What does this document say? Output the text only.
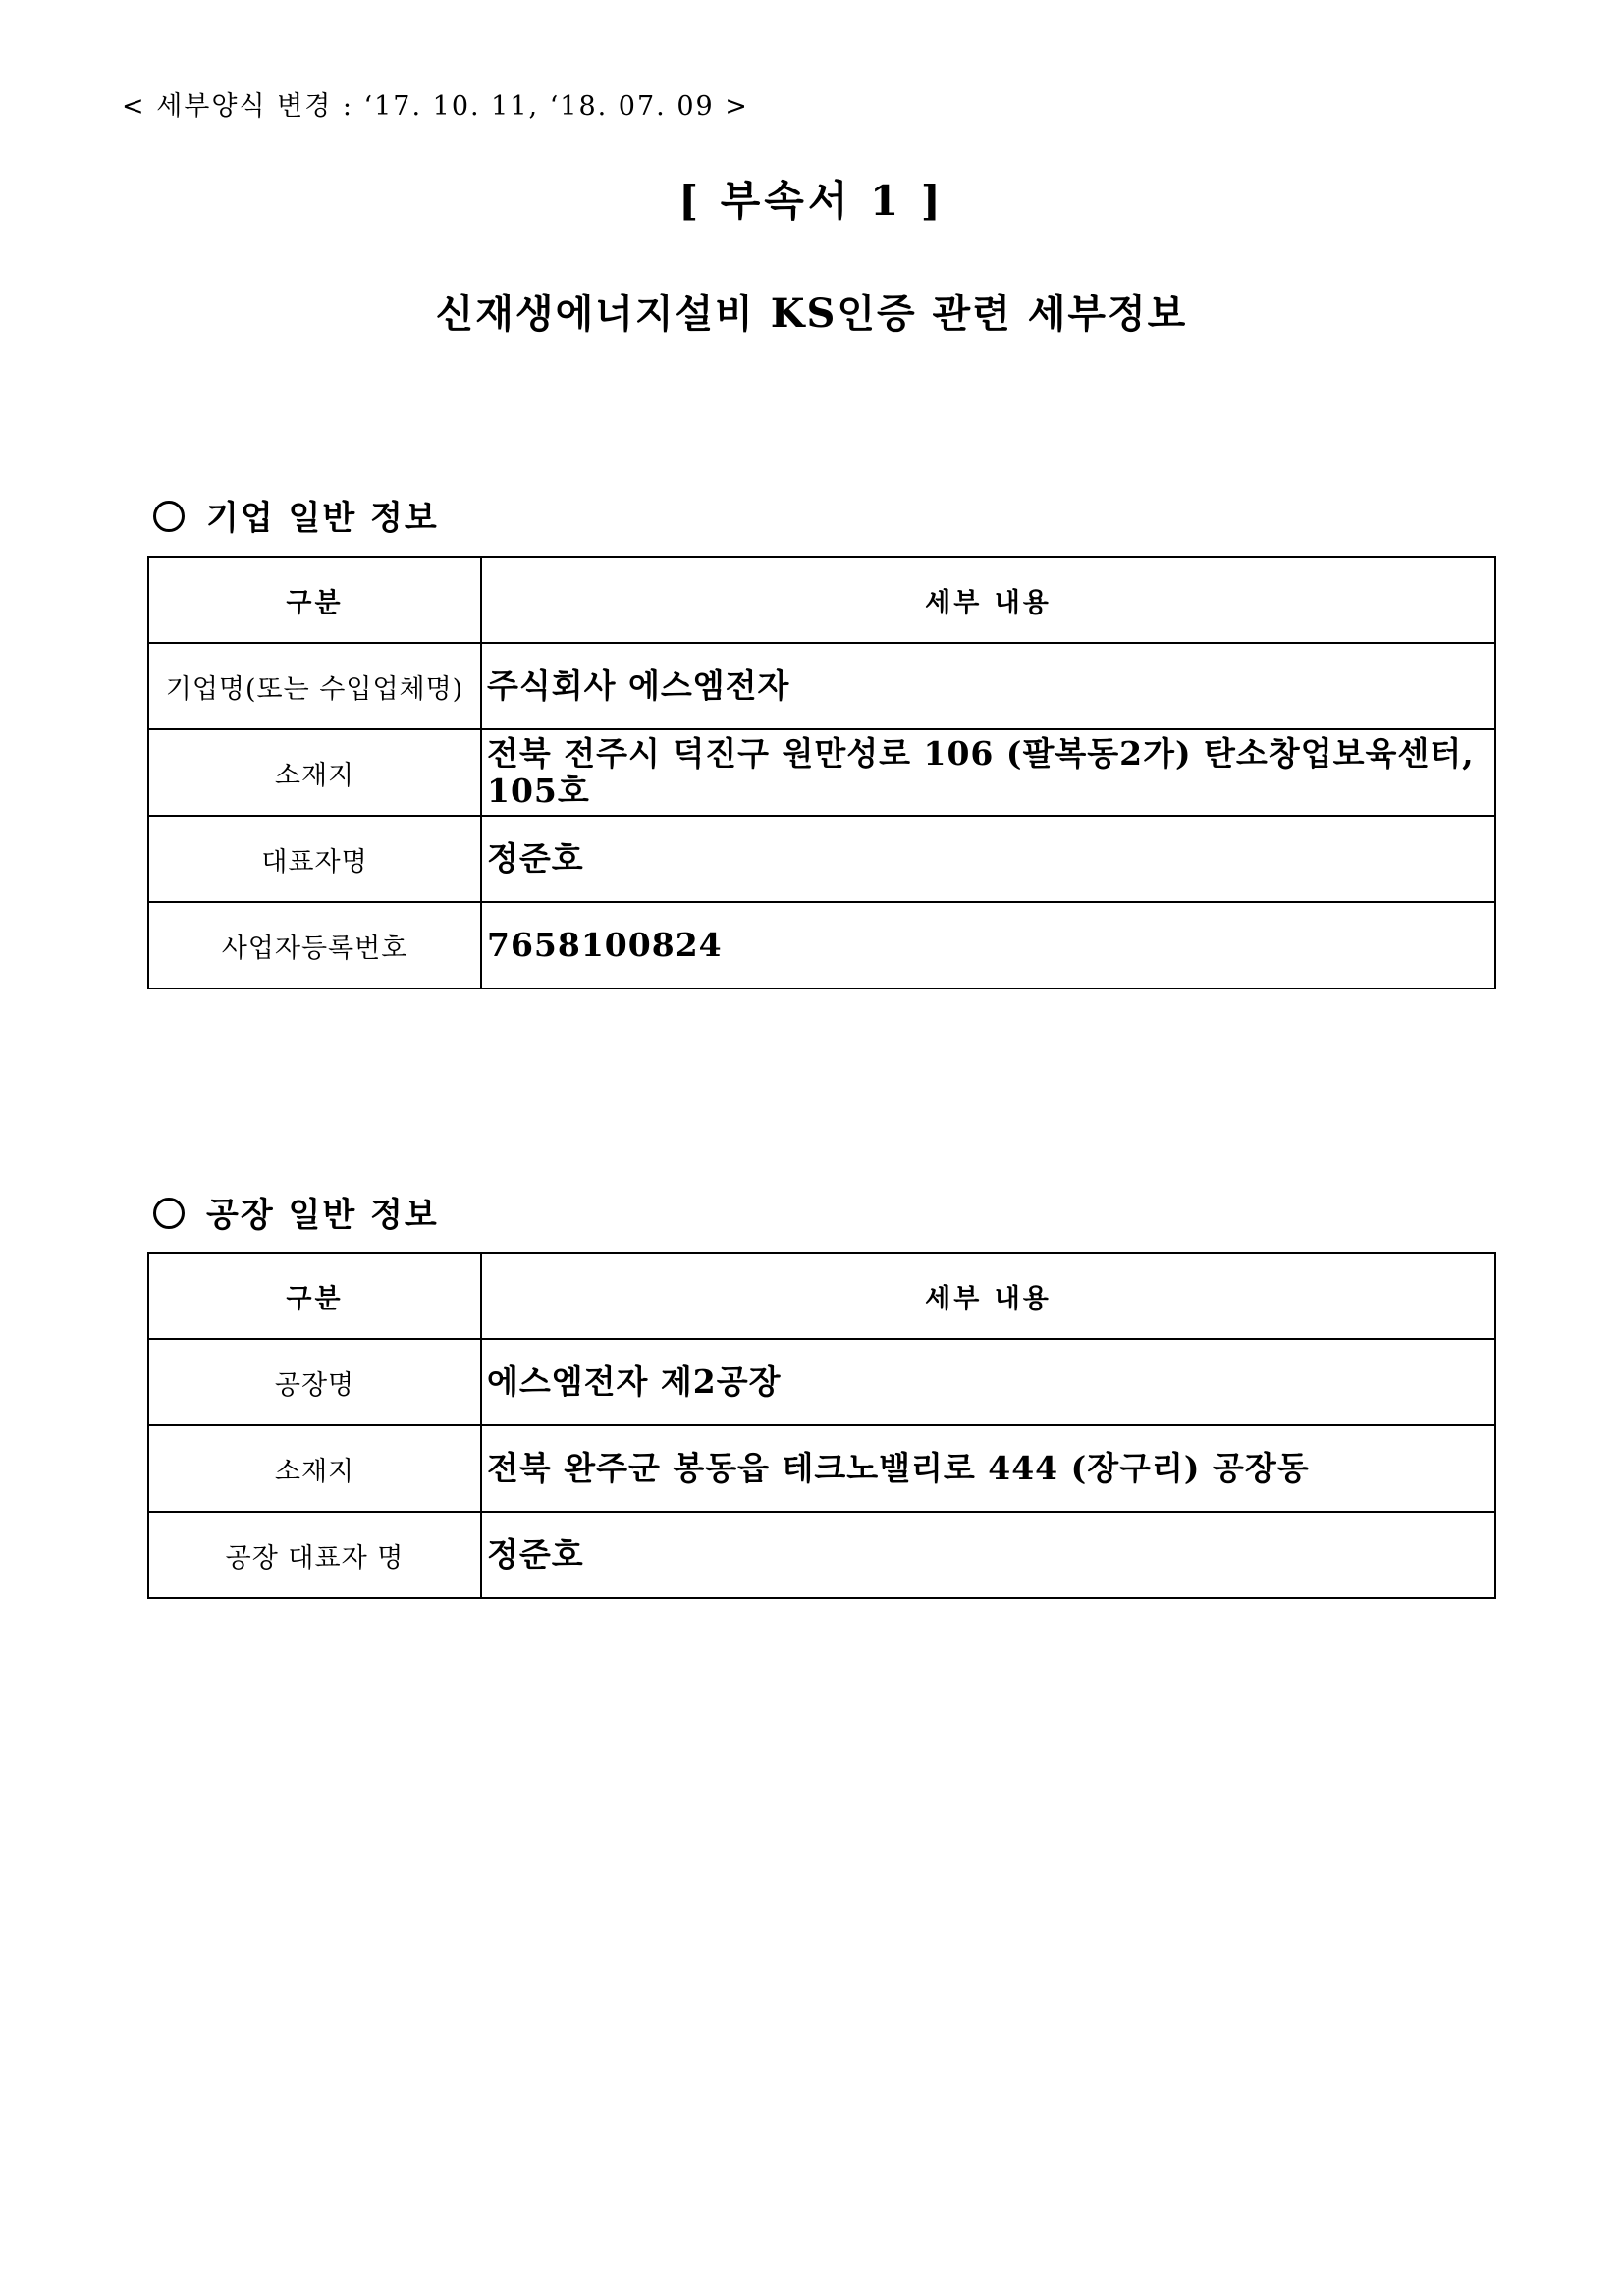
< 세부양식 변경 : ‘17. 10. 11, ‘18. 07. 09 >
[ 부속서 1 ]
신재생에너지설비 KS인증 관련 세부정보
기업 일반 정보
구분	세부 내용
기업명(또는 수입업체명)	주식회사 에스엠전자
소재지	전북 전주시 덕진구 원만성로 106 (팔복동2가) 탄소창업보육센터, 105호
대표자명	정준호
사업자등록번호	7658100824
공장 일반 정보
구분	세부 내용
공장명	에스엠전자 제2공장
소재지	전북 완주군 봉동읍 테크노밸리로 444 (장구리) 공장동
공장 대표자 명	정준호
